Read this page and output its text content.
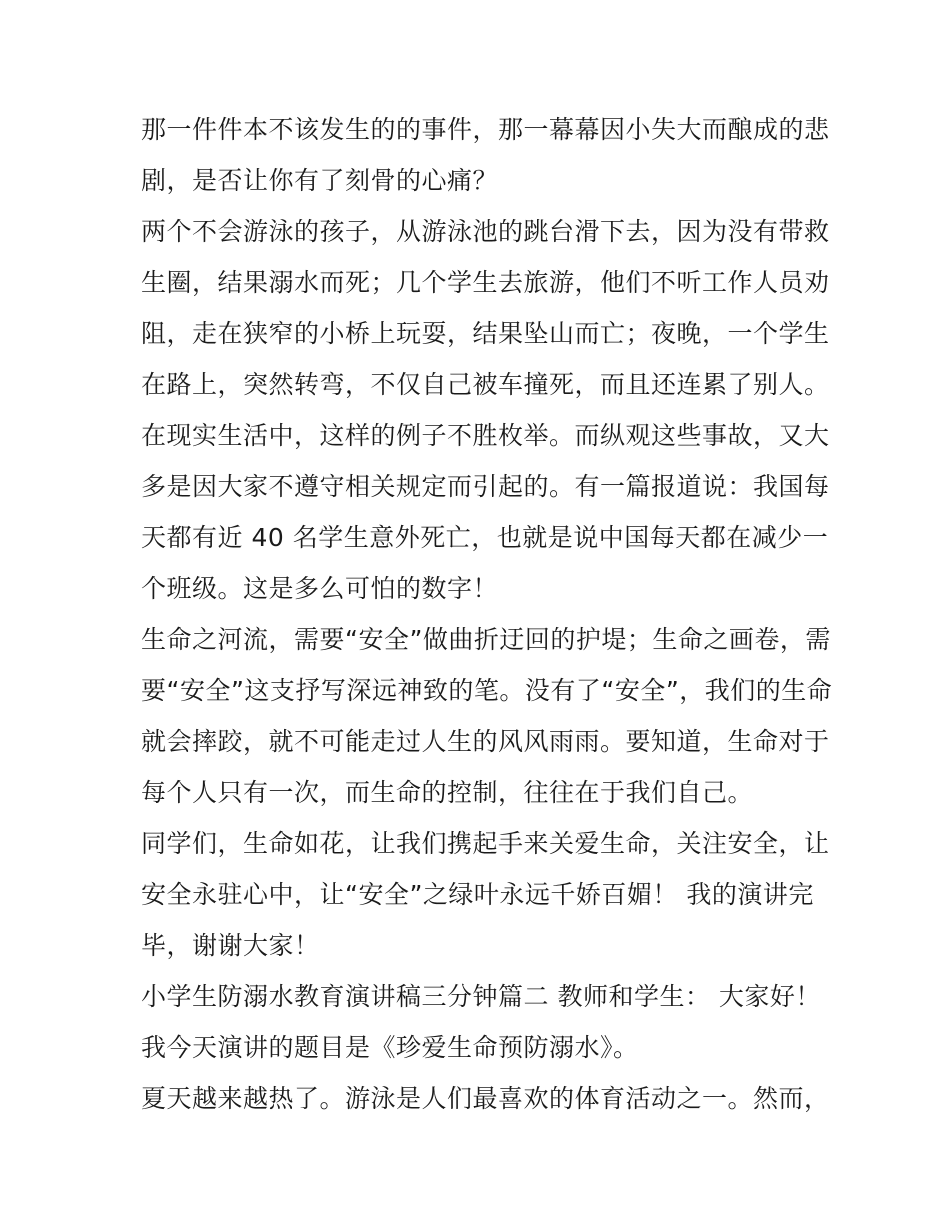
那一件件本不该发生的的事件，那一幕幕因小失大而酿成的悲
剧，是否让你有了刻骨的心痛？
两个不会游泳的孩子，从游泳池的跳台滑下去，因为没有带救
生圈，结果溺水而死；几个学生去旅游，他们不听工作人员劝
阻，走在狭窄的小桥上玩耍，结果坠山而亡；夜晚，一个学生
在路上，突然转弯，不仅自己被车撞死，而且还连累了别人。
在现实生活中，这样的例子不胜枚举。而纵观这些事故，又大
多是因大家不遵守相关规定而引起的。有一篇报道说：我国每
天都有近 40 名学生意外死亡，也就是说中国每天都在减少一
个班级。这是多么可怕的数字！
生命之河流，需要“安全”做曲折迂回的护堤；生命之画卷，需
要“安全”这支抒写深远神致的笔。没有了“安全”，我们的生命
就会摔跤，就不可能走过人生的风风雨雨。要知道，生命对于
每个人只有一次，而生命的控制，往往在于我们自己。
同学们，生命如花，让我们携起手来关爱生命，关注安全，让
安全永驻心中，让“安全”之绿叶永远千娇百媚！ 我的演讲完
毕，谢谢大家！
小学生防溺水教育演讲稿三分钟篇二 教师和学生： 大家好！
我今天演讲的题目是《珍爱生命预防溺水》。
夏天越来越热了。游泳是人们最喜欢的体育活动之一。然而，
